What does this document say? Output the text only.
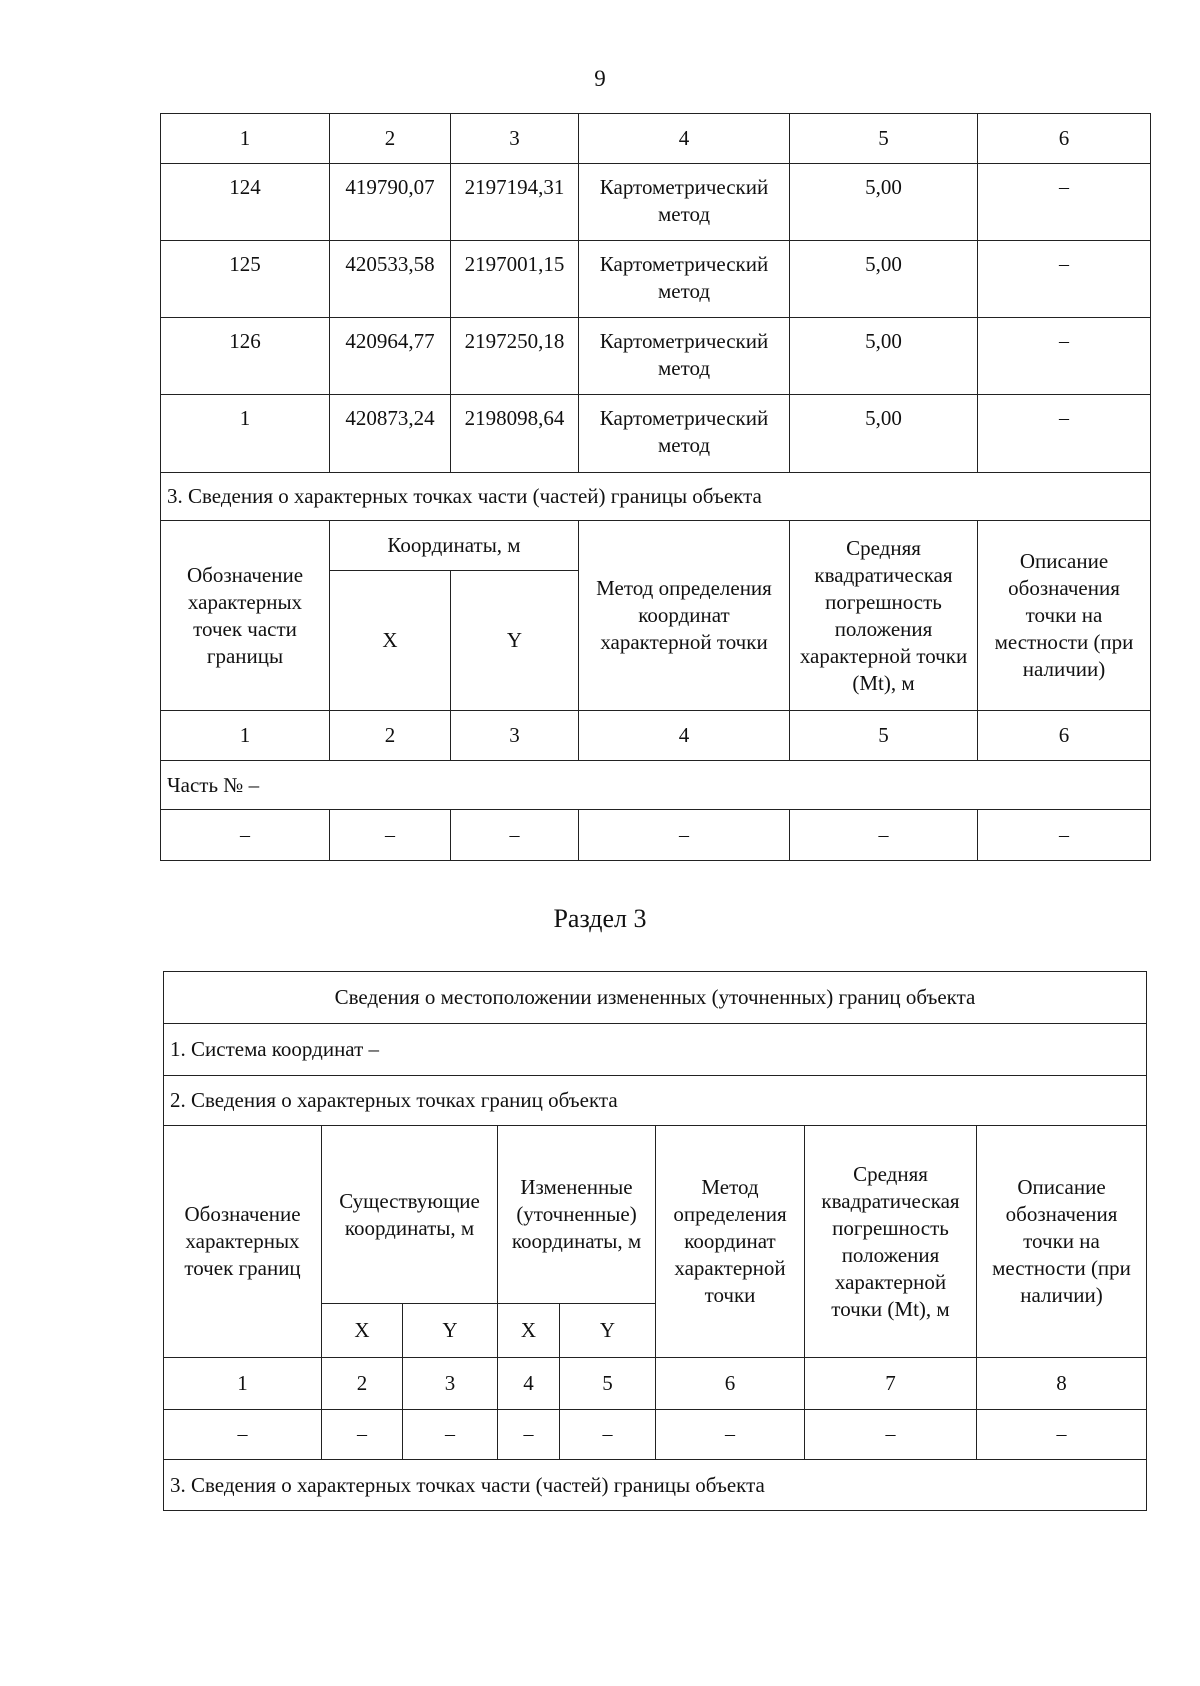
9
1	2	3	4	5	6
124	419790,07	2197194,31	Картометрический метод	5,00	–
125	420533,58	2197001,15	Картометрический метод	5,00	–
126	420964,77	2197250,18	Картометрический метод	5,00	–
1	420873,24	2198098,64	Картометрический метод	5,00	–
3. Сведения о характерных точках части (частей) границы объекта					
Обозначение характерных точек части границы	Координаты, м		Метод определения координат характерной точки	Средняя квадратическая погрешность положения характерной точки (Mt), м	Описание обозначения точки на местности (при наличии)
	X	Y			
1	2	3	4	5	6
Часть № –					
–	–	–	–	–	–
Раздел 3
Сведения о местоположении измененных (уточненных) границ объекта							
1. Система координат –							
2. Сведения о характерных точках границ объекта							
Обозначение характерных точек границ	Существующие координаты, м		Измененные (уточненные) координаты, м		Метод определения координат характерной точки	Средняя квадратическая погрешность положения характерной точки (Mt), м	Описание обозначения точки на местности (при наличии)
	X	Y	X	Y			
1	2	3	4	5	6	7	8
–	–	–	–	–	–	–	–
3. Сведения о характерных точках части (частей) границы объекта							
